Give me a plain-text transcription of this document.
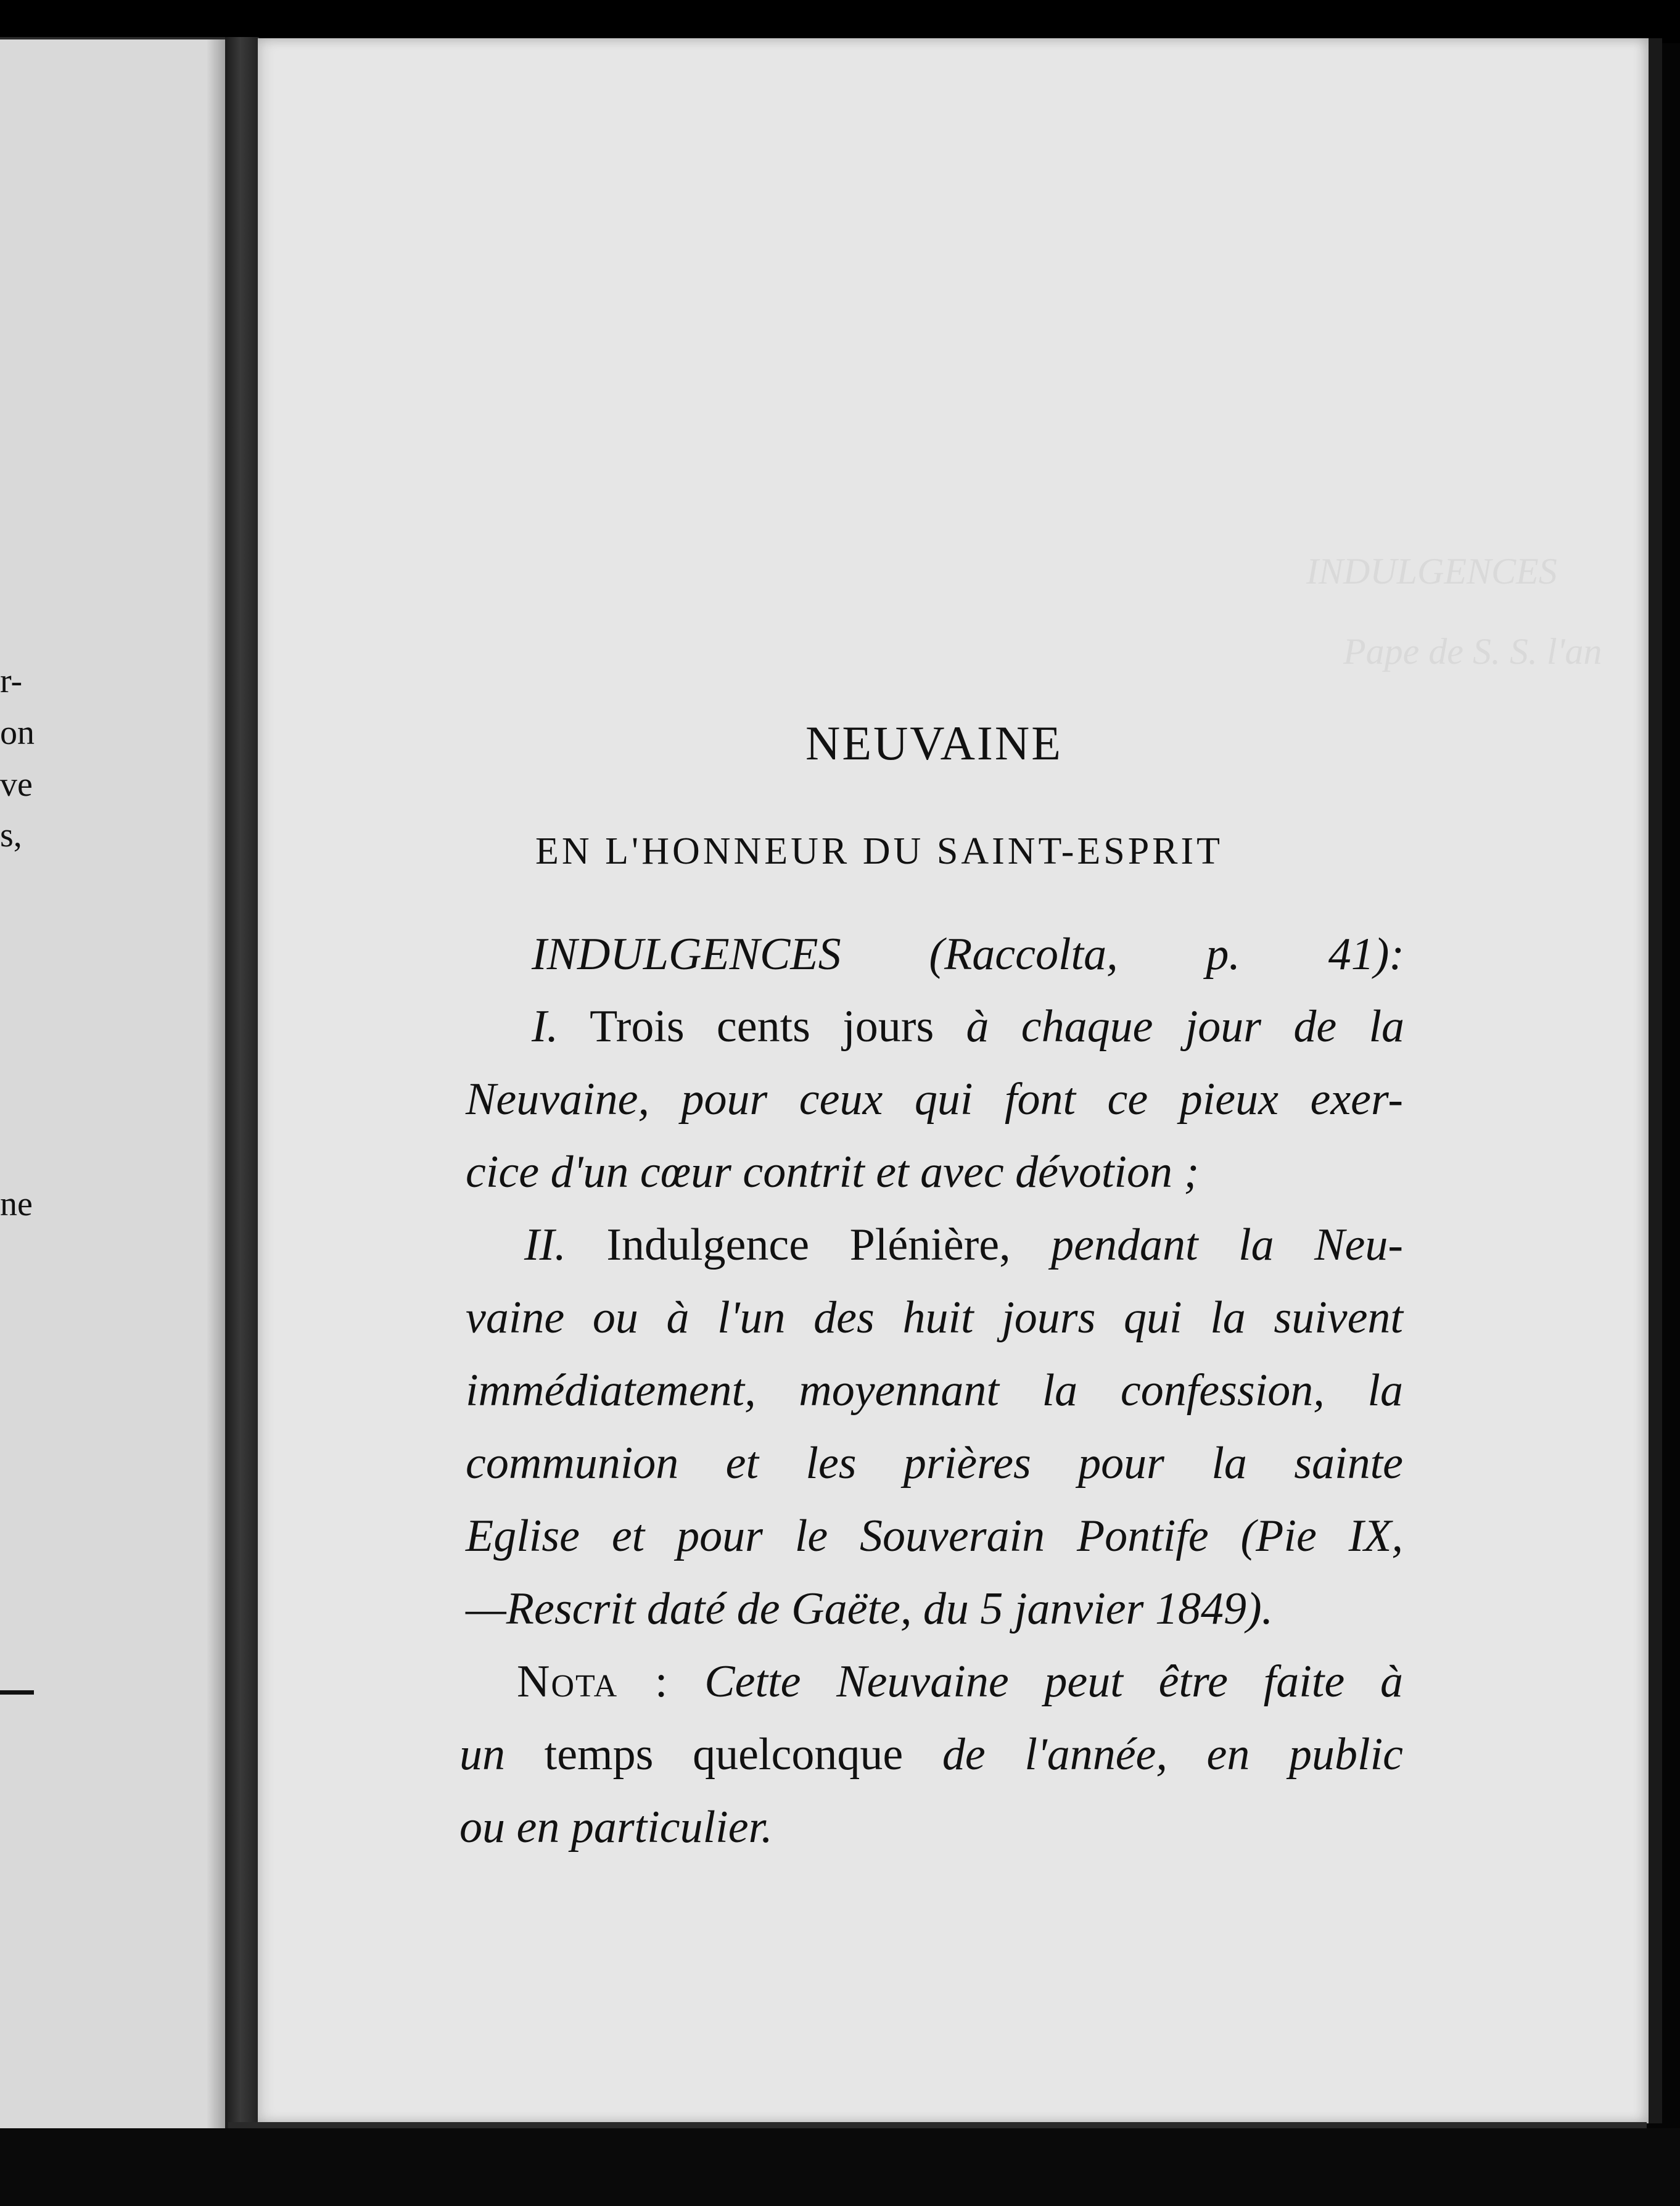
r-
on
ve
s,
ne
INDULGENCES
Pape de S. S. l'an
NEUVAINE
EN L'HONNEUR DU SAINT-ESPRIT
INDULGENCES (Raccolta, p. 41):
I. Trois cents jours à chaque jour de la
Neuvaine, pour ceux qui font ce pieux exer-
cice d'un cœur contrit et avec dévotion ;
II. Indulgence Plénière, pendant la Neu-
vaine ou à l'un des huit jours qui la suivent
immédiatement, moyennant la confession, la
communion et les prières pour la sainte
Eglise et pour le Souverain Pontife (Pie IX,
—Rescrit daté de Gaëte, du 5 janvier 1849).
Nota : Cette Neuvaine peut être faite à
un temps quelconque de l'année, en public
ou en particulier.
